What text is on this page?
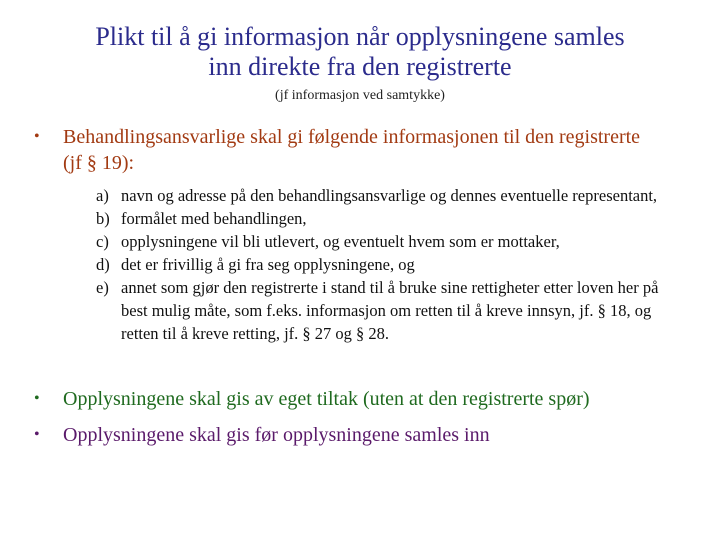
Plikt til å gi informasjon når opplysningene samles
inn direkte fra den registrerte
(jf informasjon ved samtykke)
• Behandlingsansvarlige skal gi følgende informasjonen til den registrerte (jf § 19):
a) navn og adresse på den behandlingsansvarlige og dennes eventuelle representant,
b) formålet med behandlingen,
c) opplysningene vil bli utlevert, og eventuelt hvem som er mottaker,
d) det er frivillig å gi fra seg opplysningene, og
e) annet som gjør den registrerte i stand til å bruke sine rettigheter etter loven her på best mulig måte, som f.eks. informasjon om retten til å kreve innsyn, jf. § 18, og retten til å kreve retting, jf. § 27 og § 28.
• Opplysningene skal gis av eget tiltak (uten at den registrerte spør)
• Opplysningene skal gis før opplysningene samles inn
